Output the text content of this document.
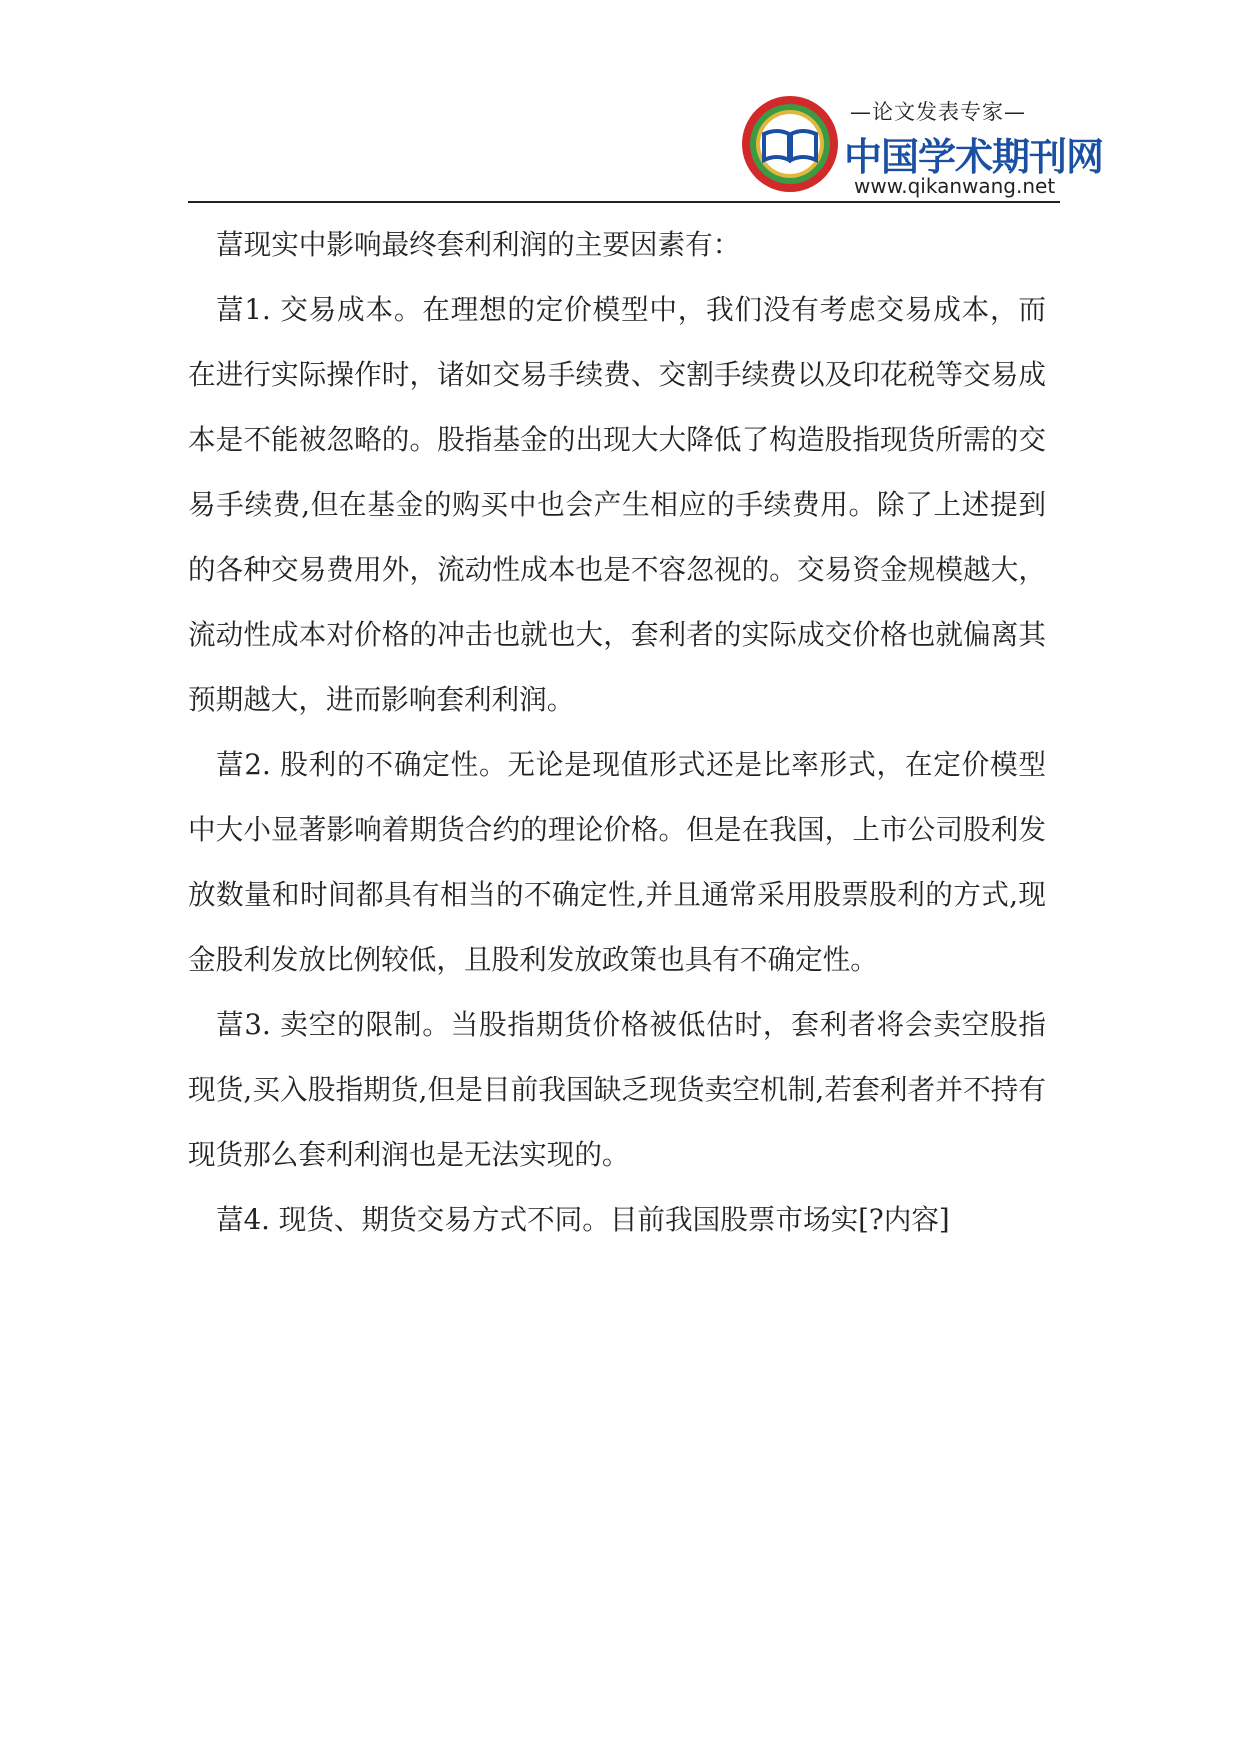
—论文发表专家—
中国学术期刊网
www.qikanwang.net

葍现实中影响最终套利利润的主要因素有：

葍1. 交易成本。在理想的定价模型中，我们没有考虑交易成本，而在进行实际操作时，诸如交易手续费、交割手续费以及印花税等交易成本是不能被忽略的。股指基金的出现大大降低了构造股指现货所需的交易手续费,但在基金的购买中也会产生相应的手续费用。除了上述提到的各种交易费用外，流动性成本也是不容忽视的。交易资金规模越大，流动性成本对价格的冲击也就也大，套利者的实际成交价格也就偏离其预期越大，进而影响套利利润。

葍2. 股利的不确定性。无论是现值形式还是比率形式，在定价模型中大小显著影响着期货合约的理论价格。但是在我国，上市公司股利发放数量和时间都具有相当的不确定性,并且通常采用股票股利的方式,现金股利发放比例较低，且股利发放政策也具有不确定性。

葍3. 卖空的限制。当股指期货价格被低估时，套利者将会卖空股指现货,买入股指期货,但是目前我国缺乏现货卖空机制,若套利者并不持有现货那么套利利润也是无法实现的。

葍4. 现货、期货交易方式不同。目前我国股票市场实[?内容]
